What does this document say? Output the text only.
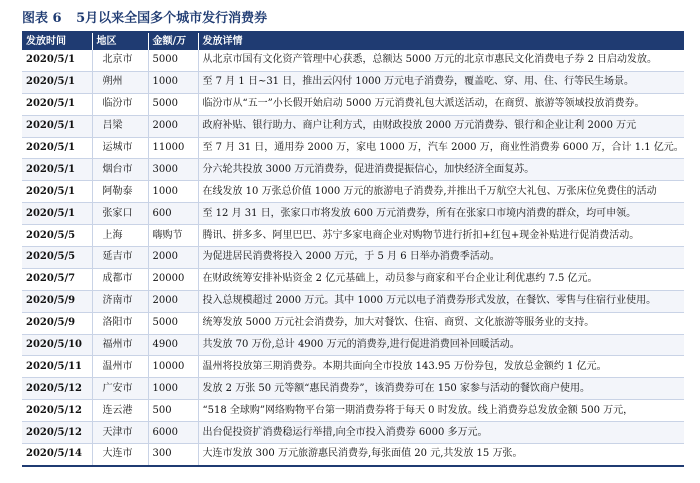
图表 6 5月以来全国多个城市发行消费券
发放时间	地区	金额/万	发放详情
2020/5/1	北京市	5000	从北京市国有文化资产管理中心获悉，总额达 5000 万元的北京市惠民文化消费电子券 2 日启动发放。
2020/5/1	朔州	1000	至 7 月 1 日~31 日，推出云闪付 1000 万元电子消费券，覆盖吃、穿、用、住、行等民生场景。
2020/5/1	临汾市	5000	临汾市从“五一”小长假开始启动 5000 万元消费礼包大派送活动，在商贸、旅游等领域投放消费券。
2020/5/1	吕梁	2000	政府补贴、银行助力、商户让利方式，由财政投放 2000 万元消费券、银行和企业让利 2000 万元
2020/5/1	运城市	11000	至 7 月 31 日，通用券 2000 万，家电 1000 万，汽车 2000 万，商业性消费劵 6000 万，合计 1.1 亿元。
2020/5/1	烟台市	3000	分六轮共投放 3000 万元消费券，促进消费提振信心，加快经济全面复苏。
2020/5/1	阿勒泰	1000	在线发放 10 万张总价值 1000 万元的旅游电子消费券,并推出千万航空大礼包、万张床位免费住的活动
2020/5/1	张家口	600	至 12 月 31 日，张家口市将发放 600 万元消费券，所有在张家口市境内消费的群众，均可申领。
2020/5/5	上海	嗨购节	腾讯、拼多多、阿里巴巴、苏宁多家电商企业对购物节进行折扣+红包+现金补贴进行促消费活动。
2020/5/5	延吉市	2000	为促进居民消费将投入 2000 万元，于 5 月 6 日举办消费季活动。
2020/5/7	成都市	20000	在财政统筹安排补贴资金 2 亿元基础上，动员参与商家和平台企业让利优惠约 7.5 亿元。
2020/5/9	济南市	2000	投入总规模超过 2000 万元。其中 1000 万元以电子消费券形式发放，在餐饮、零售与住宿行业使用。
2020/5/9	洛阳市	5000	统筹发放 5000 万元社会消费券，加大对餐饮、住宿、商贸、文化旅游等服务业的支持。
2020/5/10	福州市	4900	共发放 70 万份,总计 4900 万元的消费券,进行促进消费回补回暖活动。
2020/5/11	温州市	10000	温州将投放第三期消费券。本期共面向全市投放 143.95 万份券包，发放总金额约 1 亿元。
2020/5/12	广安市	1000	发放 2 万张 50 元等额“惠民消费券”，该消费券可在 150 家参与活动的餐饮商户使用。
2020/5/12	连云港	500	“518 全球购”网络购物平台第一期消费券将于每天 0 时发放。线上消费券总发放金额 500 万元，
2020/5/12	天津市	6000	出台促投资扩消费稳运行举措,向全市投入消费券 6000 多万元。
2020/5/14	大连市	300	大连市发放 300 万元旅游惠民消费券,每张面值 20 元,共发放 15 万张。
